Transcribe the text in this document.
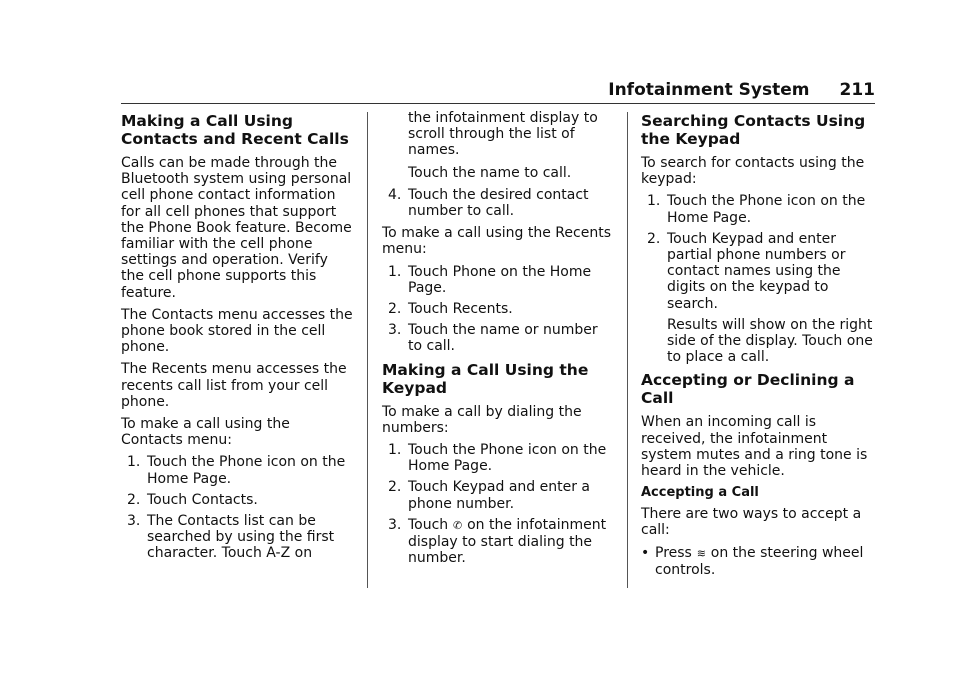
Infotainment System 211
Making a Call Using Contacts and Recent Calls

Calls can be made through the Bluetooth system using personal cell phone contact information for all cell phones that support the Phone Book feature. Become familiar with the cell phone settings and operation. Verify the cell phone supports this feature.

The Contacts menu accesses the phone book stored in the cell phone.

The Recents menu accesses the recents call list from your cell phone.

To make a call using the Contacts menu:

1. Touch the Phone icon on the Home Page.
2. Touch Contacts.
3. The Contacts list can be searched by using the first character. Touch A-Z on

the infotainment display to scroll through the list of names.

Touch the name to call.

4. Touch the desired contact number to call.

To make a call using the Recents menu:

1. Touch Phone on the Home Page.
2. Touch Recents.
3. Touch the name or number to call.
Making a Call Using the Keypad

To make a call by dialing the numbers:

1. Touch the Phone icon on the Home Page.
2. Touch Keypad and enter a phone number.
3. Touch ✆ on the infotainment display to start dialing the number.
Searching Contacts Using the Keypad

To search for contacts using the keypad:

1. Touch the Phone icon on the Home Page.
2. Touch Keypad and enter partial phone numbers or contact names using the digits on the keypad to search.
Results will show on the right side of the display. Touch one to place a call.
Accepting or Declining a Call

When an incoming call is received, the infotainment system mutes and a ring tone is heard in the vehicle.

Accepting a Call

There are two ways to accept a call:

• Press ≋ on the steering wheel controls.
